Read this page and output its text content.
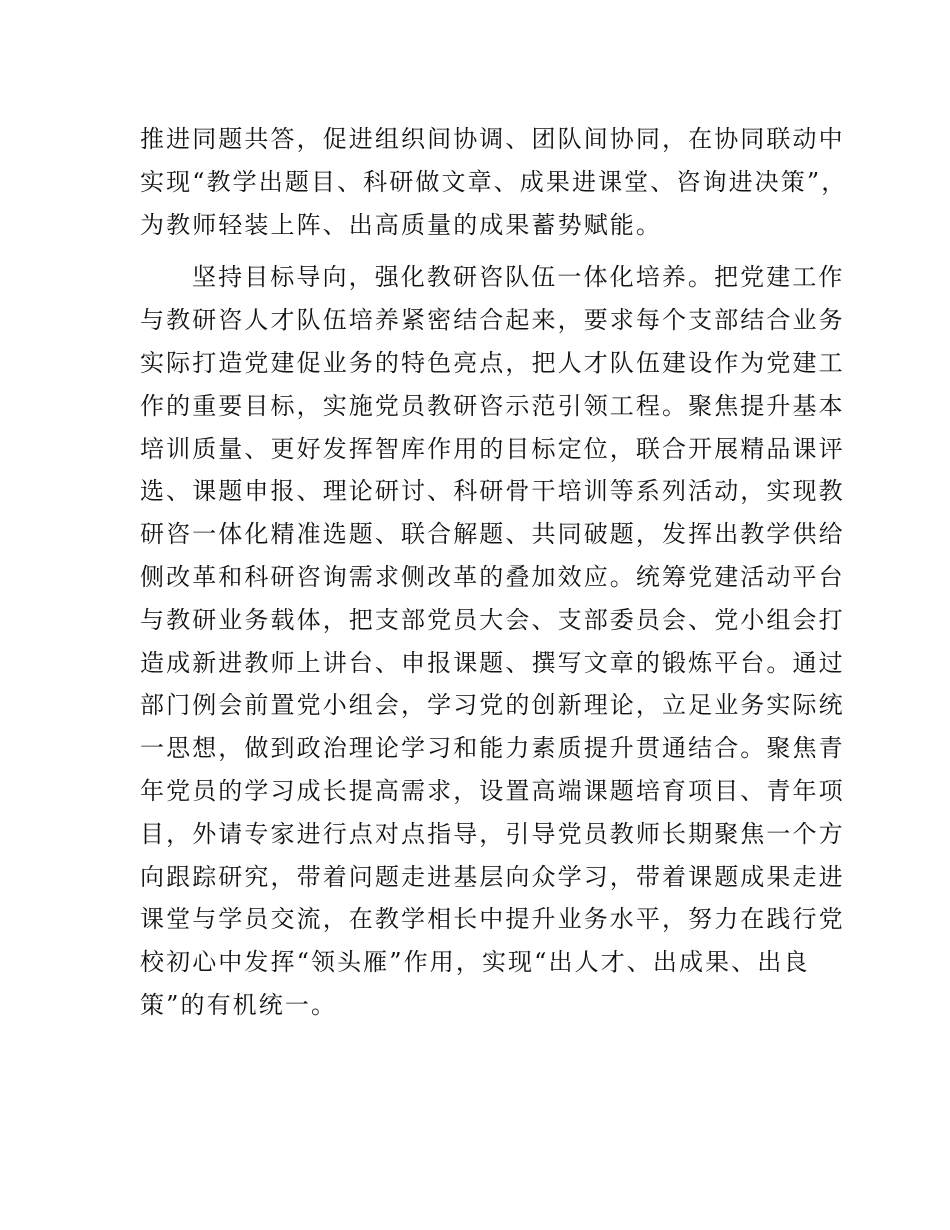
推进同题共答，促进组织间协调、团队间协同，在协同联动中
实现“教学出题目、科研做文章、成果进课堂、咨询进决策”，
为教师轻装上阵、出高质量的成果蓄势赋能。
坚持目标导向，强化教研咨队伍一体化培养。把党建工作
与教研咨人才队伍培养紧密结合起来，要求每个支部结合业务
实际打造党建促业务的特色亮点，把人才队伍建设作为党建工
作的重要目标，实施党员教研咨示范引领工程。聚焦提升基本
培训质量、更好发挥智库作用的目标定位，联合开展精品课评
选、课题申报、理论研讨、科研骨干培训等系列活动，实现教
研咨一体化精准选题、联合解题、共同破题，发挥出教学供给
侧改革和科研咨询需求侧改革的叠加效应。统筹党建活动平台
与教研业务载体，把支部党员大会、支部委员会、党小组会打
造成新进教师上讲台、申报课题、撰写文章的锻炼平台。通过
部门例会前置党小组会，学习党的创新理论，立足业务实际统
一思想，做到政治理论学习和能力素质提升贯通结合。聚焦青
年党员的学习成长提高需求，设置高端课题培育项目、青年项
目，外请专家进行点对点指导，引导党员教师长期聚焦一个方
向跟踪研究，带着问题走进基层向众学习，带着课题成果走进
课堂与学员交流，在教学相长中提升业务水平，努力在践行党
校初心中发挥“领头雁”作用，实现“出人才、出成果、出良
策”的有机统一。
